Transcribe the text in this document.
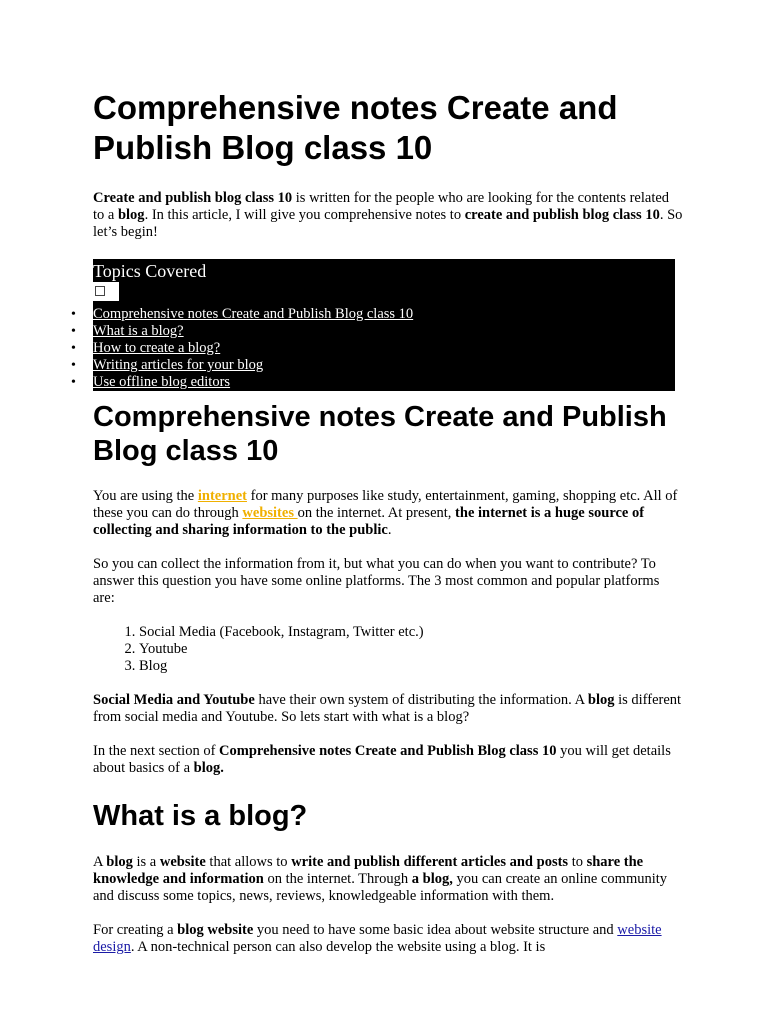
Comprehensive notes Create and Publish Blog class 10

Create and publish blog class 10 is written for the people who are looking for the contents related to a blog. In this article, I will give you comprehensive notes to create and publish blog class 10. So let’s begin!

Topics Covered
• Comprehensive notes Create and Publish Blog class 10
• What is a blog?
• How to create a blog?
• Writing articles for your blog
• Use offline blog editors
Comprehensive notes Create and Publish Blog class 10

You are using the internet for many purposes like study, entertainment, gaming, shopping etc. All of these you can do through websites on the internet. At present, the internet is a huge source of collecting and sharing information to the public.

So you can collect the information from it, but what you can do when you want to contribute? To answer this question you have some online platforms. The 3 most common and popular platforms are:

1. Social Media (Facebook, Instagram, Twitter etc.)
2. Youtube
3. Blog

Social Media and Youtube have their own system of distributing the information. A blog is different from social media and Youtube. So lets start with what is a blog?

In the next section of Comprehensive notes Create and Publish Blog class 10 you will get details about basics of a blog.

What is a blog?

A blog is a website that allows to write and publish different articles and posts to share the knowledge and information on the internet. Through a blog, you can create an online community and discuss some topics, news, reviews, knowledgeable information with them.

For creating a blog website you need to have some basic idea about website structure and website design. A non-technical person can also develop the website using a blog. It is
